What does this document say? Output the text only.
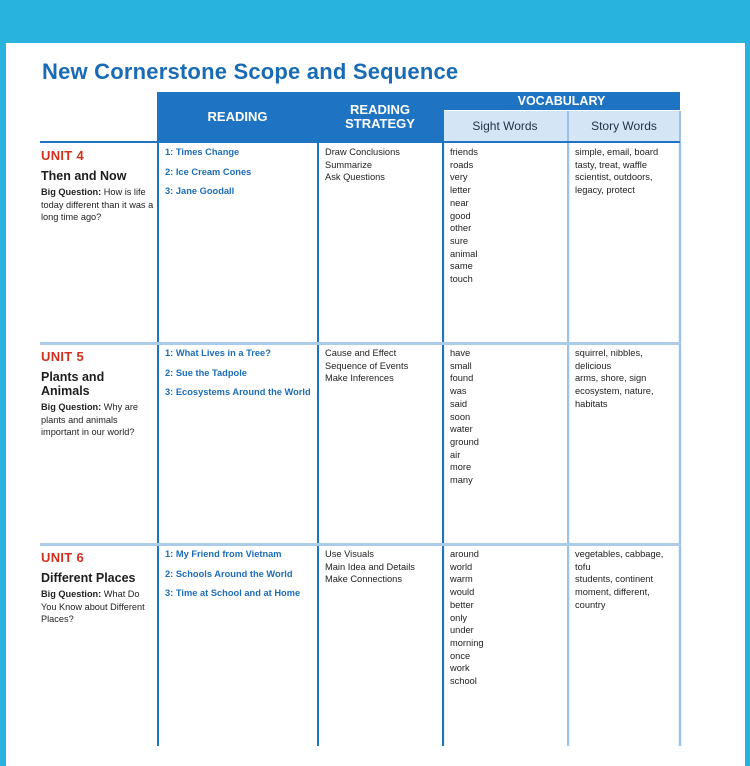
New Cornerstone Scope and Sequence
READING	READING
STRATEGY
VOCABULARY
Sight Words	Story Words
UNIT 4
Then and Now
Big Question: How is life today different than it was a long time ago?
1: Times Change
2: Ice Cream Cones
3: Jane Goodall
Draw Conclusions
Summarize
Ask Questions
friends
roads
very
letter
near
good
other
sure
animal
same
touch
simple, email, board
tasty, treat, waffle
scientist, outdoors,
legacy, protect
UNIT 5
Plants and
Animals
Big Question: Why are plants and animals important in our world?
1: What Lives in a Tree?
2: Sue the Tadpole
3: Ecosystems Around the World
Cause and Effect
Sequence of Events
Make Inferences
have
small
found
was
said
soon
water
ground
air
more
many
squirrel, nibbles,
delicious
arms, shore, sign
ecosystem, nature,
habitats
UNIT 6
Different Places
Big Question: What Do You Know about Different Places?
1: My Friend from Vietnam
2: Schools Around the World
3: Time at School and at Home
Use Visuals
Main Idea and Details
Make Connections
around
world
warm
would
better
only
under
morning
once
work
school
vegetables, cabbage,
tofu
students, continent
moment, different,
country
